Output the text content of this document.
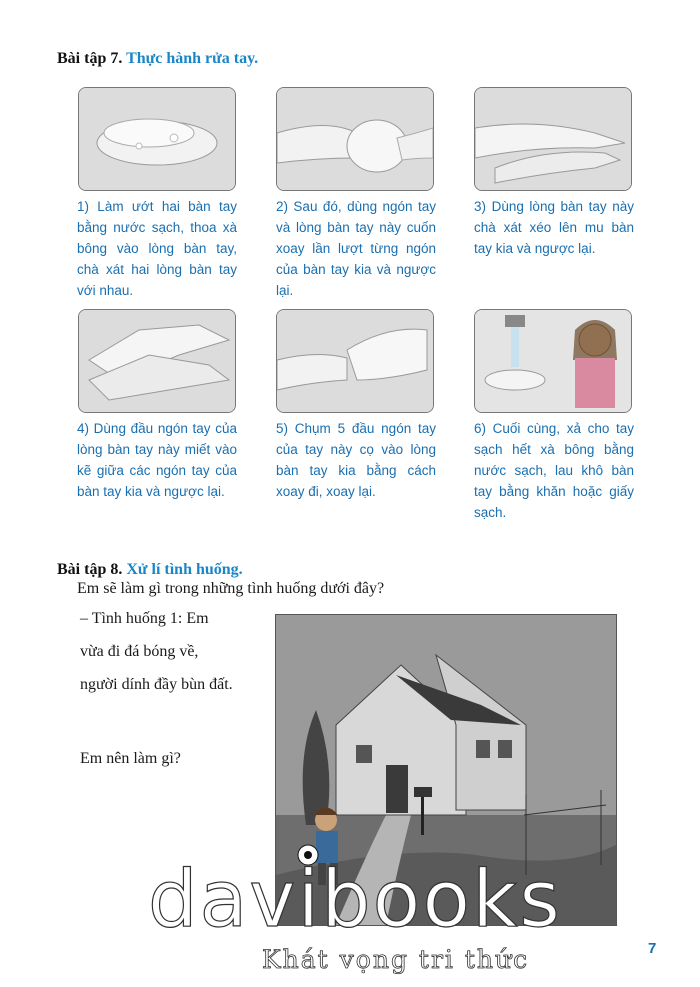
Bài tập 7. Thực hành rửa tay.
1) Làm ướt hai bàn tay bằng nước sạch, thoa xà bông vào lòng bàn tay, chà xát hai lòng bàn tay với nhau.
2) Sau đó, dùng ngón tay và lòng bàn tay này cuốn xoay lần lượt từng ngón của bàn tay kia và ngược lại.
3) Dùng lòng bàn tay này chà xát xéo lên mu bàn tay kia và ngược lại.
4) Dùng đầu ngón tay của lòng bàn tay này miết vào kẽ giữa các ngón tay của bàn tay kia và ngược lại.
5) Chụm 5 đầu ngón tay của tay này cọ vào lòng bàn tay kia bằng cách xoay đi, xoay lại.
6) Cuối cùng, xả cho tay sạch hết xà bông bằng nước sạch, lau khô bàn tay bằng khăn hoặc giấy sạch.
Bài tập 8. Xử lí tình huống.
Em sẽ làm gì trong những tình huống dưới đây?
– Tình huống 1: Em
vừa đi đá bóng về,
người dính đầy bùn đất.
Em nên làm gì?
davibooks
Khát vọng tri thức	7
